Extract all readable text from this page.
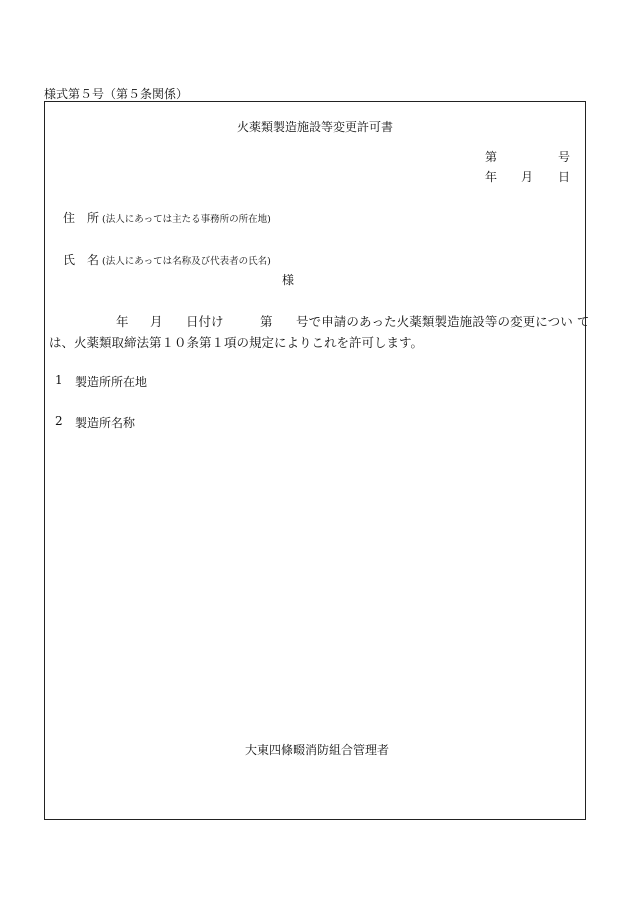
様式第５号（第５条関係）
火薬類製造施設等変更許可書
第	号
年 月 日
住 所 (法人にあっては主たる事務所の所在地)
氏 名 (法人にあっては名称及び代表者の氏名)
様
年 月 日付け	第 号で申請のあった火薬類製造施設等の変更につい て
は、火薬類取締法第１０条第１項の規定によりこれを許可します。
1 製造所所在地
2 製造所名称
大東四條畷消防組合管理者
